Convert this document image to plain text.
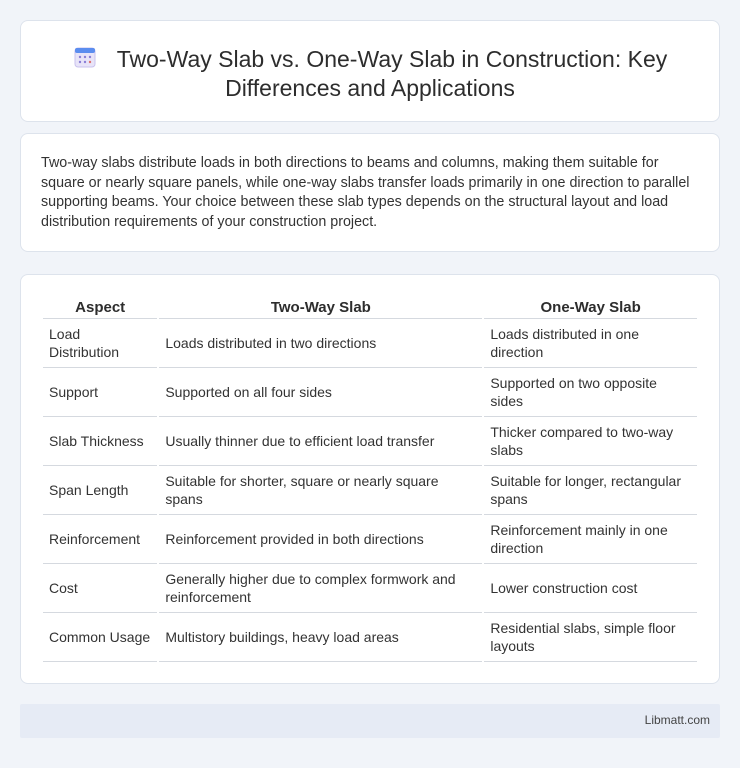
Two-Way Slab vs. One-Way Slab in Construction: Key Differences and Applications

Two-way slabs distribute loads in both directions to beams and columns, making them suitable for square or nearly square panels, while one-way slabs transfer loads primarily in one direction to parallel supporting beams. Your choice between these slab types depends on the structural layout and load distribution requirements of your construction project.

Aspect	Two-Way Slab	One-Way Slab
Load Distribution	Loads distributed in two directions	Loads distributed in one direction
Support	Supported on all four sides	Supported on two opposite sides
Slab Thickness	Usually thinner due to efficient load transfer	Thicker compared to two-way slabs
Span Length	Suitable for shorter, square or nearly square spans	Suitable for longer, rectangular spans
Reinforcement	Reinforcement provided in both directions	Reinforcement mainly in one direction
Cost	Generally higher due to complex formwork and reinforcement	Lower construction cost
Common Usage	Multistory buildings, heavy load areas	Residential slabs, simple floor layouts
Libmatt.com
